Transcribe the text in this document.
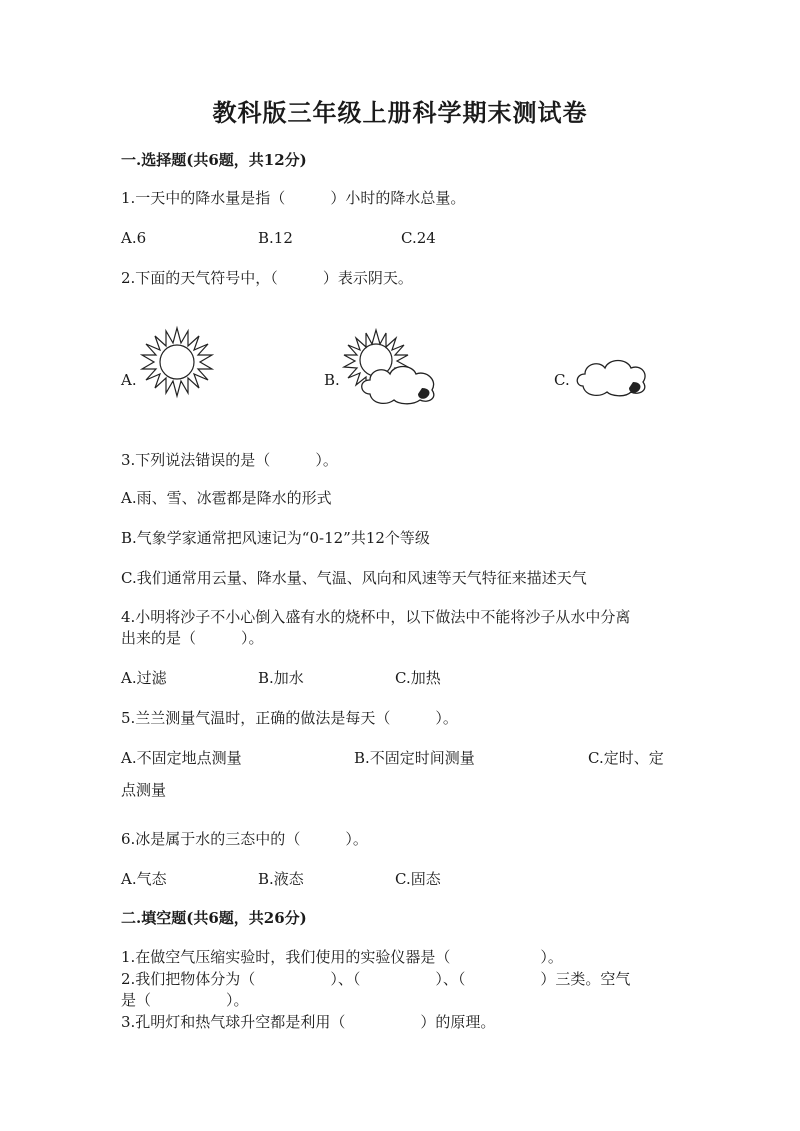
教科版三年级上册科学期末测试卷
一.选择题(共6题，共12分)
1.一天中的降水量是指（　　　）小时的降水总量。
A.6	B.12	C.24
2.下面的天气符号中，（　　　）表示阴天。
A.	B.	C.
3.下列说法错误的是（　　　）。
A.雨、雪、冰雹都是降水的形式
B.气象学家通常把风速记为“0-12”共12个等级
C.我们通常用云量、降水量、气温、风向和风速等天气特征来描述天气
4.小明将沙子不小心倒入盛有水的烧杯中，以下做法中不能将沙子从水中分离
出来的是（　　　）。
A.过滤	B.加水	C.加热
5.兰兰测量气温时，正确的做法是每天（　　　）。
A.不固定地点测量	B.不固定时间测量	C.定时、定
点测量
6.冰是属于水的三态中的（　　　）。
A.气态	B.液态	C.固态
二.填空题(共6题，共26分)
1.在做空气压缩实验时，我们使用的实验仪器是（　　　　　　）。
2.我们把物体分为（　　　　　）、（　　　　　）、（　　　　　）三类。空气
是（　　　　　）。
3.孔明灯和热气球升空都是利用（　　　　　）的原理。
